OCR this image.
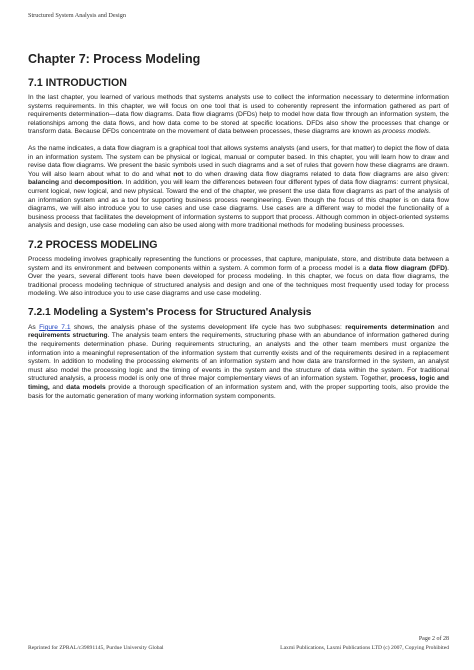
Structured System Analysis and Design
Chapter 7: Process Modeling
7.1 INTRODUCTION

In the last chapter, you learned of various methods that systems analysts use to collect the information necessary to determine information systems requirements. In this chapter, we will focus on one tool that is used to coherently represent the information gathered as part of requirements determination—data flow diagrams. Data flow diagrams (DFDs) help to model how data flow through an information system, the relationships among the data flows, and how data come to be stored at specific locations. DFDs also show the processes that change or transform data. Because DFDs concentrate on the movement of data between processes, these diagrams are known as process models.

As the name indicates, a data flow diagram is a graphical tool that allows systems analysts (and users, for that matter) to depict the flow of data in an information system. The system can be physical or logical, manual or computer based. In this chapter, you will learn how to draw and revise data flow diagrams. We present the basic symbols used in such diagrams and a set of rules that govern how these diagrams are drawn. You will also learn about what to do and what not to do when drawing data flow diagrams related to data flow diagrams are also given: balancing and decomposition. In addition, you will learn the differences between four different types of data flow diagrams: current physical, current logical, new logical, and new physical. Toward the end of the chapter, we present the use data flow diagrams as part of the analysis of an information system and as a tool for supporting business process reengineering. Even though the focus of this chapter is on data flow diagrams, we will also introduce you to use cases and use case diagrams. Use cases are a different way to model the functionality of a business process that facilitates the development of information systems to support that process. Although common in object-oriented systems analysis and design, use case modeling can also be used along with more traditional methods for modeling business processes.

7.2 PROCESS MODELING

Process modeling involves graphically representing the functions or processes, that capture, manipulate, store, and distribute data between a system and its environment and between components within a system. A common form of a process model is a data flow diagram (DFD). Over the years, several different tools have been developed for process modeling. In this chapter, we focus on data flow diagrams, the traditional process modeling technique of structured analysis and design and one of the techniques most frequently used today for process modeling. We also introduce you to use case diagrams and use case modeling.

7.2.1 Modeling a System's Process for Structured Analysis

As Figure 7.1 shows, the analysis phase of the systems development life cycle has two subphases: requirements determination and requirements structuring. The analysis team enters the requirements, structuring phase with an abundance of information gathered during the requirements determination phase. During requirements structuring, an analysts and the other team members must organize the information into a meaningful representation of the information system that currently exists and of the requirements desired in a replacement system. In addition to modeling the processing elements of an information system and how data are transformed in the system, an analyst must also model the processing logic and the timing of events in the system and the structure of data within the system. For traditional structured analysis, a process model is only one of three major complementary views of an information system. Together, process, logic and timing, and data models provide a thorough specification of an information system and, with the proper supporting tools, also provide the basis for the automatic generation of many working information system components.

Page 2 of 28
Reprinted for ZPRAL/c39891145, Purdue University Global	Laxmi Publications, Laxmi Publications LTD (c) 2007, Copying Prohibited
